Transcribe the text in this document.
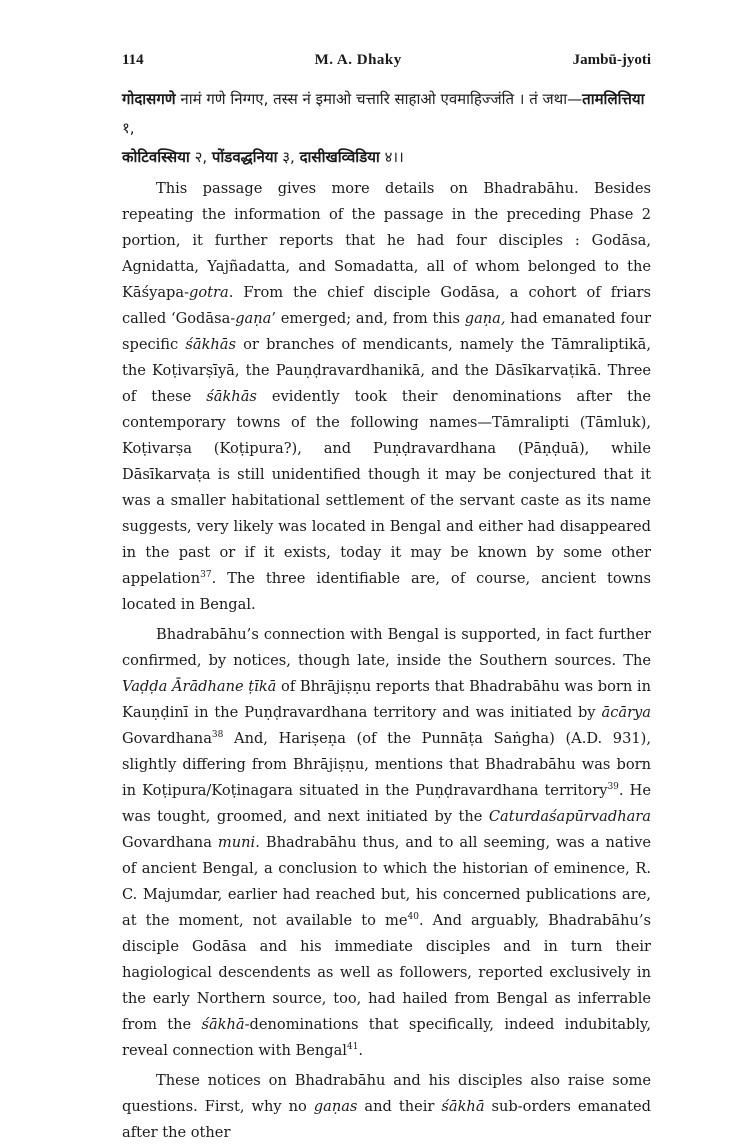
114	M. A. Dhaky	Jambū-jyoti

गोदासगणे नामं गणे निग्गए, तस्स नं इमाओ चत्तारि साहाओ एवमाहिज्जंति । तं जथा—तामलित्तिया १,
कोटिवस्सिया २, पोंडवद्धनिया ३, दासीखव्विडिया ४।।

This passage gives more details on Bhadrabāhu. Besides repeating the information of the passage in the preceding Phase 2 portion, it further reports that he had four disciples : Godāsa, Agnidatta, Yajñadatta, and Somadatta, all of whom belonged to the Kāśyapa-gotra. From the chief disciple Godāsa, a cohort of friars called ‘Godāsa-gaṇa’ emerged; and, from this gaṇa, had emanated four specific śākhās or branches of mendicants, namely the Tāmraliptikā, the Koṭivarṣīyā, the Pauṇḍravardhanikā, and the Dāsīkarvaṭikā. Three of these śākhās evidently took their denominations after the contemporary towns of the following names—Tāmralipti (Tāmluk), Koṭivarṣa (Koṭipura?), and Puṇḍravardhana (Pāṇḍuā), while Dāsīkarvaṭa is still unidentified though it may be conjectured that it was a smaller habitational settlement of the servant caste as its name suggests, very likely was located in Bengal and either had disappeared in the past or if it exists, today it may be known by some other appelation$^{37}$. The three identifiable are, of course, ancient towns located in Bengal.

Bhadrabāhu’s connection with Bengal is supported, in fact further confirmed, by notices, though late, inside the Southern sources. The Vaḍḍa Ārādhane ṭīkā of Bhrājiṣṇu reports that Bhadrabāhu was born in Kauṇḍinī in the Puṇḍravardhana territory and was initiated by ācārya Govardhana$^{38}$ And, Hariṣeṇa (of the Punnāṭa Saṅgha) (A.D. 931), slightly differing from Bhrājiṣṇu, mentions that Bhadrabāhu was born in Koṭipura/Koṭinagara situated in the Puṇḍravardhana territory$^{39}$. He was tought, groomed, and next initiated by the Caturdaśapūrvadhara Govardhana muni. Bhadrabāhu thus, and to all seeming, was a native of ancient Bengal, a conclusion to which the historian of eminence, R. C. Majumdar, earlier had reached but, his concerned publications are, at the moment, not available to $me^{40}$. And arguably, Bhadrabāhu’s disciple Godāsa and his immediate disciples and in turn their hagiological descendents as well as followers, reported exclusively in the early Northern source, too, had hailed from Bengal as inferrable from the śākhā-denominations that specifically, indeed indubitably, reveal connection with Bengal$^{41}$.

These notices on Bhadrabāhu and his disciples also raise some questions. First, why no gaṇas and their śākhā sub-orders emanated after the other
